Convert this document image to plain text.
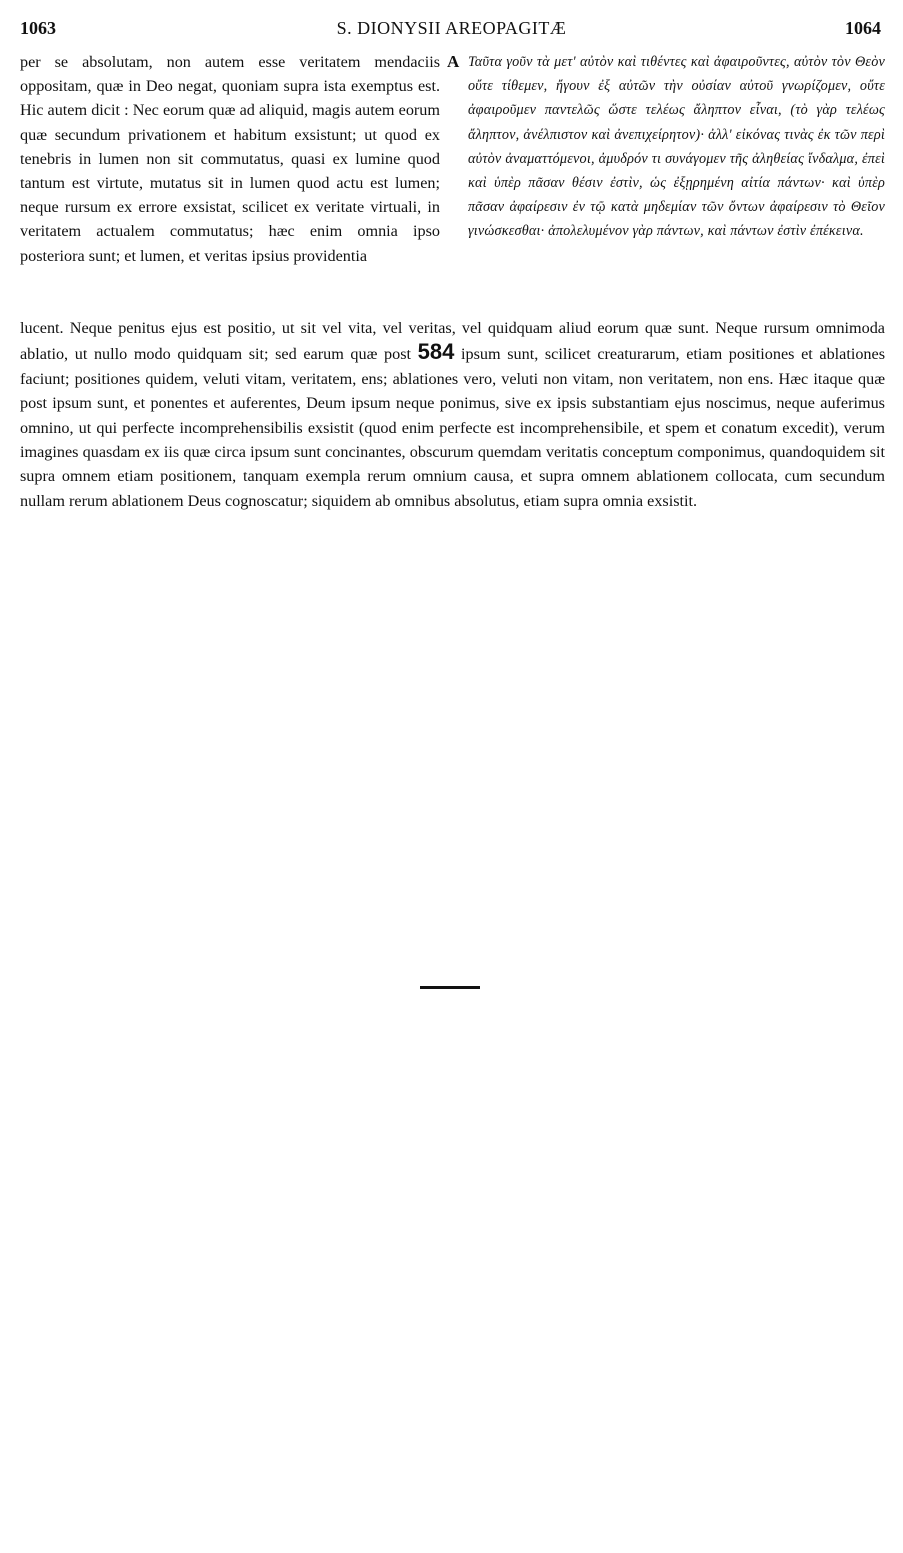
1063	S. DIONYSII AREOPAGITÆ	1064

per se absolutam, non autem esse veritatem mendaciis oppositam, quæ in Deo negat, quoniam supra ista exemptus est. Hic autem dicit : Nec eorum quæ ad aliquid, magis autem eorum quæ secundum privationem et habitum exsistunt; ut quod ex tenebris in lumen non sit commutatus, quasi ex lumine quod tantum est virtute, mutatus sit in lumen quod actu est lumen; neque rursum ex errore exsistat, scilicet ex veritate virtuali, in veritatem actualem commutatus; hæc enim omnia ipso posteriora sunt; et lumen, et veritas ipsius providentia

A Ταῦτα γοῦν τὰ μετ' αὐτὸν καὶ τιθέντες καὶ ἀφαιροῦντες, αὐτὸν τὸν Θεὸν οὔτε τίθεμεν, ἤγουν ἐξ αὐτῶν τὴν οὐσίαν αὐτοῦ γνωρίζομεν, οὔτε ἀφαιροῦμεν παντελῶς ὥστε τελέως ἄληπτον εἶναι, (τὸ γὰρ τελέως ἄληπτον, ἀνέλπιστον καὶ ἀνεπιχείρητον)· ἀλλ' εἰκόνας τινὰς ἐκ τῶν περὶ αὐτὸν ἀναματτόμενοι, ἀμυδρόν τι συνάγομεν τῆς ἀληθείας ἴνδαλμα, ἐπεὶ καὶ ὑπὲρ πᾶσαν θέσιν ἐστὶν, ὡς ἐξῃρημένη αἰτία πάντων· καὶ ὑπὲρ πᾶσαν ἀφαίρεσιν ἐν τῷ κατὰ μηδεμίαν τῶν ὄντων ἀφαίρεσιν τὸ Θεῖον γινώσκεσθαι· ἀπολελυμένον γὰρ πάντων, καὶ πάντων ἐστὶν ἐπέκεινα.

lucent. Neque penitus ejus est positio, ut sit vel vita, vel veritas, vel quidquam aliud eorum quæ sunt. Neque rursum omnimoda ablatio, ut nullo modo quidquam sit; sed earum quæ post 584 ipsum sunt, scilicet creaturarum, etiam positiones et ablationes faciunt; positiones quidem, veluti vitam, veritatem, ens; ablationes vero, veluti non vitam, non veritatem, non ens. Hæc itaque quæ post ipsum sunt, et ponentes et auferentes, Deum ipsum neque ponimus, sive ex ipsis substantiam ejus noscimus, neque auferimus omnino, ut qui perfecte incomprehensibilis exsistit (quod enim perfecte est incomprehensibile, et spem et conatum excedit), verum imagines quasdam ex iis quæ circa ipsum sunt concinantes, obscurum quemdam veritatis conceptum componimus, quandoquidem sit supra omnem etiam positionem, tanquam exempla rerum omnium causa, et supra omnem ablationem collocata, cum secundum nullam rerum ablationem Deus cognoscatur; siquidem ab omnibus absolutus, etiam supra omnia exsistit.
